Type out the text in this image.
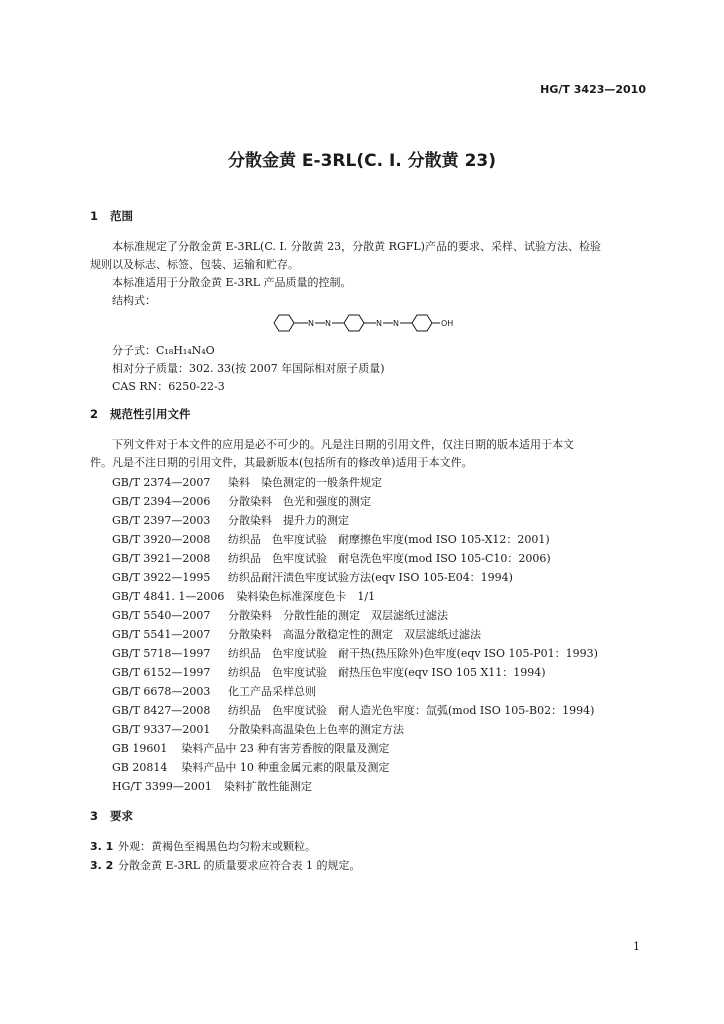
HG/T 3423—2010
分散金黄 E-3RL(C. I. 分散黄 23)
1 范围
本标准规定了分散金黄 E-3RL(C. I. 分散黄 23，分散黄 RGFL)产品的要求、采样、试验方法、检验
规则以及标志、标签、包装、运输和贮存。
本标准适用于分散金黄 E-3RL 产品质量的控制。
结构式：
N N	N N	OH
分子式：C₁₈H₁₄N₄O
相对分子质量：302. 33(按 2007 年国际相对原子质量)
CAS RN：6250-22-3
2 规范性引用文件
下列文件对于本文件的应用是必不可少的。凡是注日期的引用文件，仅注日期的版本适用于本文
件。凡是不注日期的引用文件，其最新版本(包括所有的修改单)适用于本文件。
GB/T 2374—2007 染料　染色测定的一般条件规定
GB/T 2394—2006 分散染料　色光和强度的测定
GB/T 2397—2003 分散染料　提升力的测定
GB/T 3920—2008 纺织品　色牢度试验　耐摩擦色牢度(mod ISO 105-X12：2001)
GB/T 3921—2008 纺织品　色牢度试验　耐皂洗色牢度(mod ISO 105-C10：2006)
GB/T 3922—1995 纺织品耐汗渍色牢度试验方法(eqv ISO 105-E04：1994)
GB/T 4841. 1—2006 染料染色标准深度色卡　1/1
GB/T 5540—2007 分散染料　分散性能的测定　双层滤纸过滤法
GB/T 5541—2007 分散染料　高温分散稳定性的测定　双层滤纸过滤法
GB/T 5718—1997 纺织品　色牢度试验　耐干热(热压除外)色牢度(eqv ISO 105-P01：1993)
GB/T 6152—1997 纺织品　色牢度试验　耐热压色牢度(eqv ISO 105 X11：1994)
GB/T 6678—2003 化工产品采样总则
GB/T 8427—2008 纺织品　色牢度试验　耐人造光色牢度：氙弧(mod ISO 105-B02：1994)
GB/T 9337—2001 分散染料高温染色上色率的测定方法
GB 19601 染料产品中 23 种有害芳香胺的限量及测定
GB 20814 染料产品中 10 种重金属元素的限量及测定
HG/T 3399—2001 染料扩散性能测定
3 要求
3. 1 外观：黄褐色至褐黑色均匀粉末或颗粒。
3. 2 分散金黄 E-3RL 的质量要求应符合表 1 的规定。
1
